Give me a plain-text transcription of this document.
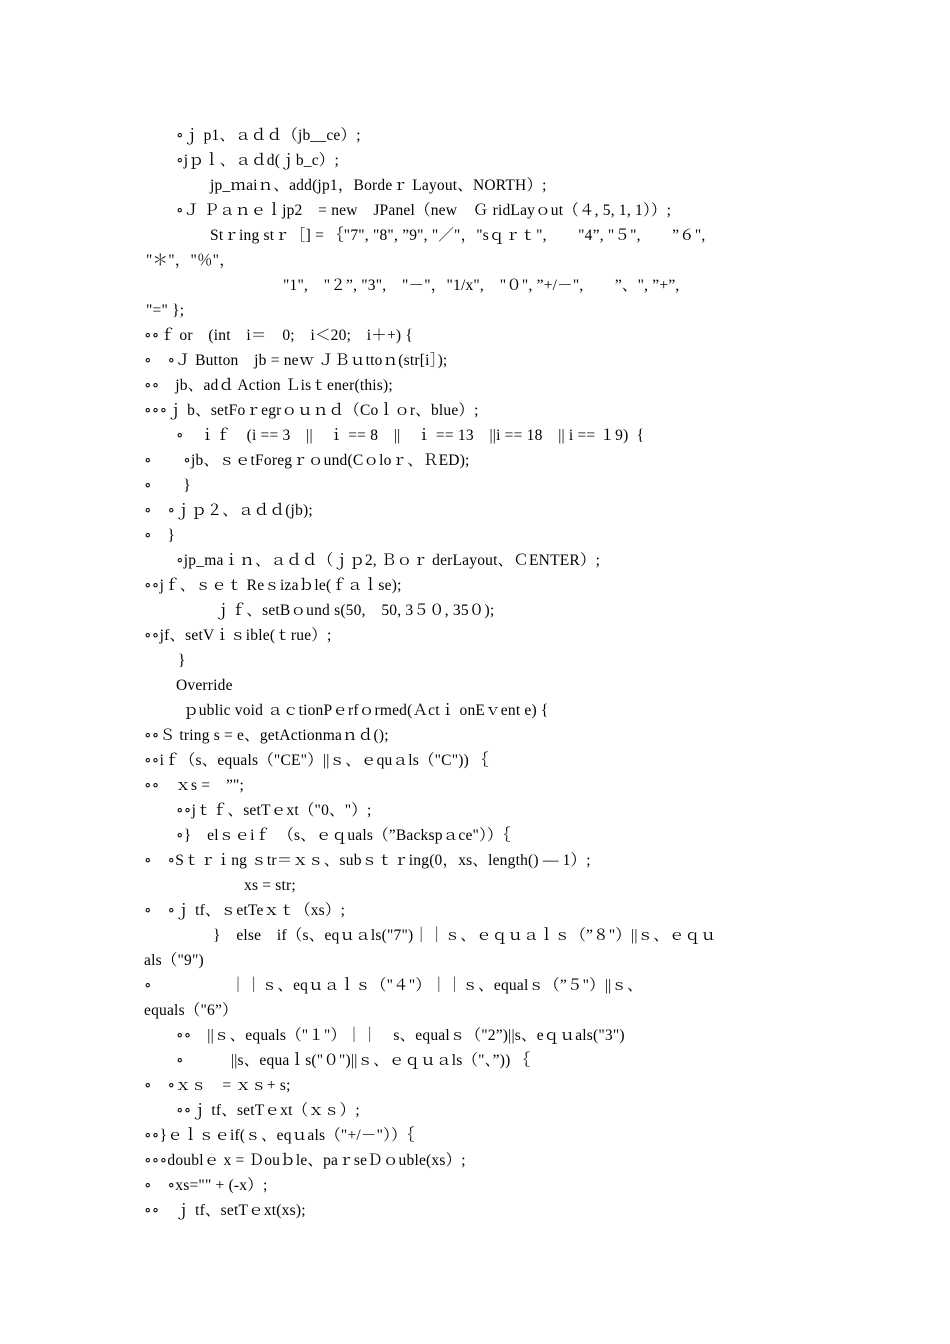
∘ｊ p1、ａｄｄ（jb__ce）;
∘jｐｌ、ａｄd(ｊb_c）;
jp_ｍaiｎ、add(jp1，Bordeｒ Layout、NORTH）;
∘Ｊ Ｐａｎｅｌjp2　= new　JPanel（new　Ｇ ridLayｏut（４, 5, 1, 1））;
Stｒing stｒ［] = ｛"7", "8", ”9", "／"，"sｑｒｔ",　　"4”, "５",　　”６",
"＊"，"％"，
"1",　"２”, "3",　"－"，"1/x",　"０", ”+/－",　　”、", ”+”,
"=" };
∘∘ｆ or　(int　i＝　0;　i＜20;　i＋+) {
∘　∘Ｊ Button　jb = neｗ ＪＢｕttoｎ(str[i］);
∘∘　jb、adｄ Action Ｌisｔener(this);
∘∘∘ｊ b、setFoｒegrｏｕｎｄ（Coｌｏr、blue）;
∘　ｉｆ　(i == 3　||　ｉ == 8　||　ｉ == 13　||i == 18　|| i == １9)  {
∘　　∘jb、ｓｅtForegｒｏund(Cｏloｒ、ＲED);
∘　　}
∘　∘ｊｐ２、ａｄｄ(jb);
∘　}
∘jp_maｉｎ、ａｄｄ（ｊｐ2, Ｂｏｒ derLayout、ＣENTER）;
∘∘jｆ、ｓｅｔ Reｓizaｂle(ｆａｌse);
ｊｆ、setBｏund s(50,　50, 3５０, 35０);
∘∘jf、setVｉｓible(ｔrue）;
}
Override
ｐublic void ａｃtionPｅrfｏrmed(Ａctｉ onEｖent e) {
∘∘Ｓ tring s = e、getActionmaｎｄ();
∘∘iｆ（s、equals（"CE"）||ｓ、ｅquａls（"C")) ｛
∘∘　ｘs =　”";
∘∘jｔｆ、setTｅxt（"0、"）;
∘}　elｓｅiｆ　（s、ｅｑuals（”Backspａce"））｛
∘　∘Sｔｒｉng ｓtr＝ｘｓ、subｓｔｒing(0，xs、length() — 1）;
xs = str;
∘　∘ｊ tf、ｓetTeｘｔ（xs）;
}　else　if（s、eqｕａls("7")｜｜ｓ、ｅｑｕａｌｓ（”８"）||ｓ、ｅｑｕ
als（"9")
∘　　　　　｜｜ｓ、eqｕａｌｓ（"４"）｜｜ｓ、equalｓ（”５"）||ｓ、
equals（"6”）
∘∘　||ｓ、equals（"１"）｜｜　s、equalｓ（"2”)||s、eｑｕals("3")
∘　　　||s、equaｌs("０")||ｓ、ｅｑｕａls（"、”)) ｛
∘　∘ｘｓ　= ｘｓ+ s;
∘∘ｊ tf、setTｅxt（ｘｓ）;
∘∘}ｅｌｓｅif(ｓ、eqｕals（"+/－"））｛
∘∘∘doublｅ x = Ｄouｂle、paｒseＤｏuble(xs）;
∘　∘xs="" + (-x）;
∘∘　ｊ tf、setTｅxt(xs);
